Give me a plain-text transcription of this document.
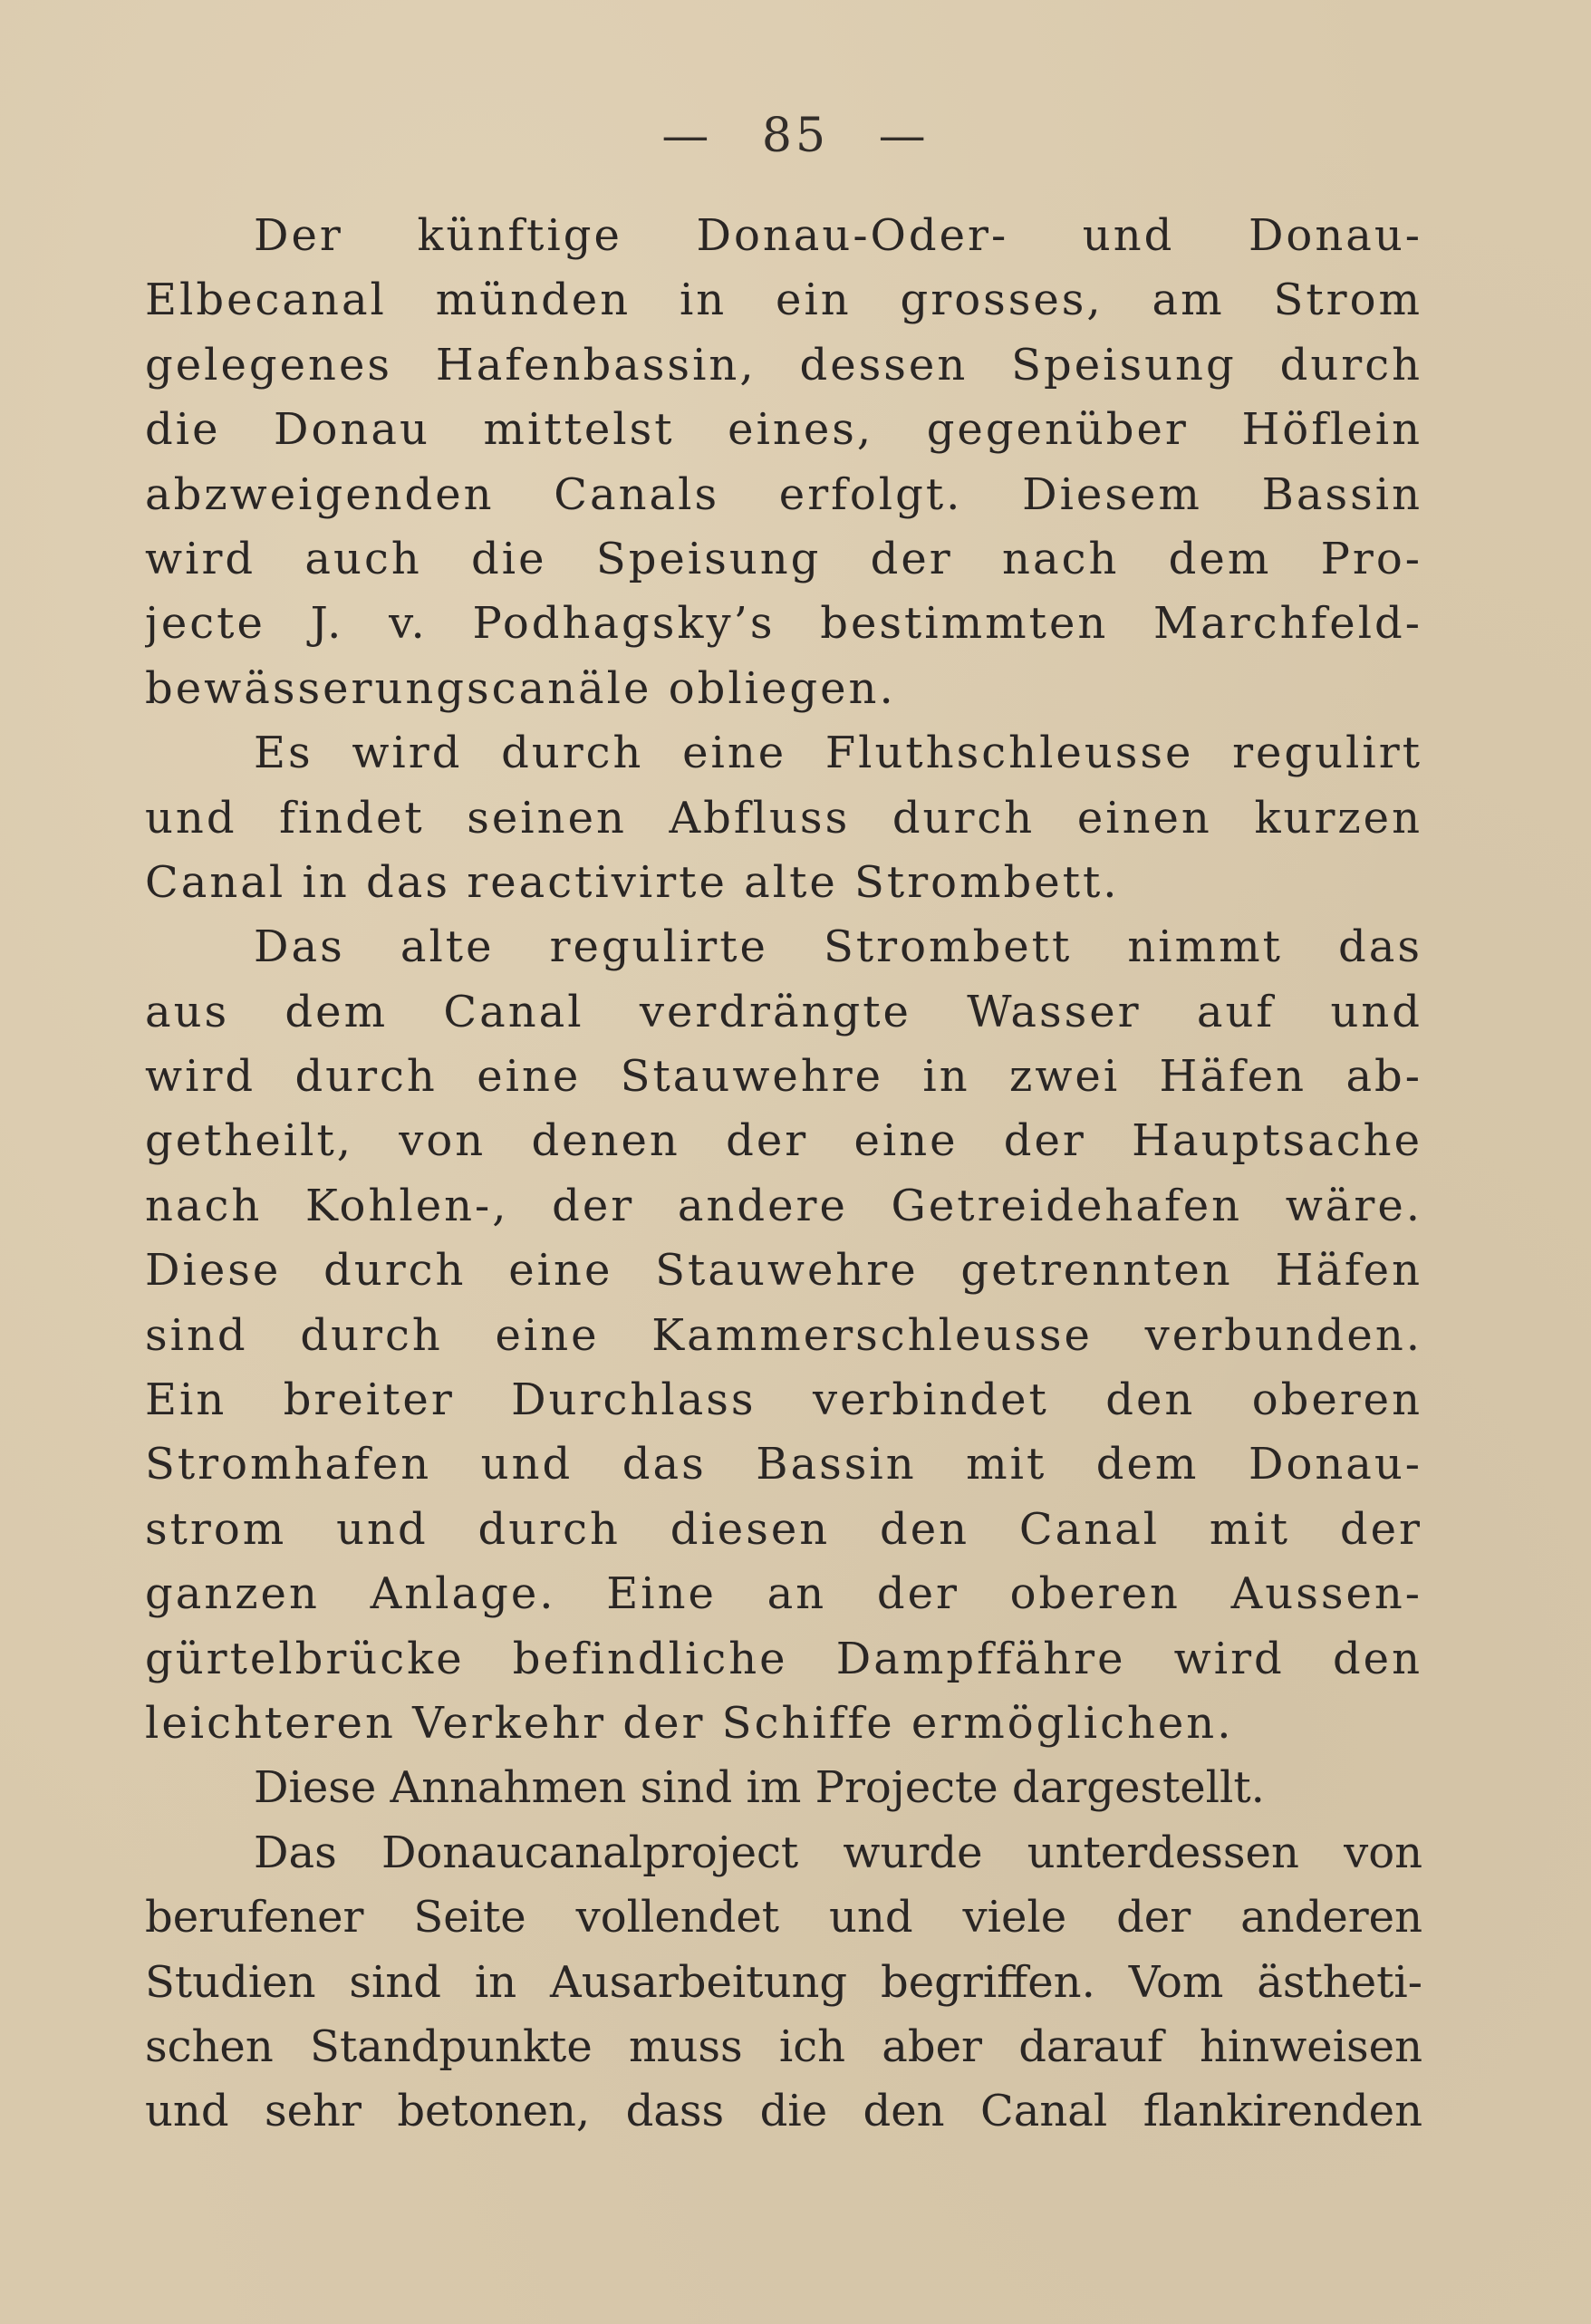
— 85 —
Der künftige Donau-Oder- und Donau-
Elbecanal münden in ein grosses, am Strom
gelegenes Hafenbassin, dessen Speisung durch
die Donau mittelst eines, gegenüber Höflein
abzweigenden Canals erfolgt. Diesem Bassin
wird auch die Speisung der nach dem Pro-
jecte J. v. Podhagsky’s bestimmten Marchfeld-
bewässerungscanäle obliegen.
Es wird durch eine Fluthschleusse regulirt
und findet seinen Abfluss durch einen kurzen
Canal in das reactivirte alte Strombett.
Das alte regulirte Strombett nimmt das
aus dem Canal verdrängte Wasser auf und
wird durch eine Stauwehre in zwei Häfen ab-
getheilt, von denen der eine der Hauptsache
nach Kohlen-, der andere Getreidehafen wäre.
Diese durch eine Stauwehre getrennten Häfen
sind durch eine Kammerschleusse verbunden.
Ein breiter Durchlass verbindet den oberen
Stromhafen und das Bassin mit dem Donau-
strom und durch diesen den Canal mit der
ganzen Anlage. Eine an der oberen Aussen-
gürtelbrücke befindliche Dampffähre wird den
leichteren Verkehr der Schiffe ermöglichen.
Diese Annahmen sind im Projecte dargestellt.
Das Donaucanalproject wurde unterdessen von
berufener Seite vollendet und viele der anderen
Studien sind in Ausarbeitung begriffen. Vom ästheti-
schen Standpunkte muss ich aber darauf hinweisen
und sehr betonen, dass die den Canal flankirenden
